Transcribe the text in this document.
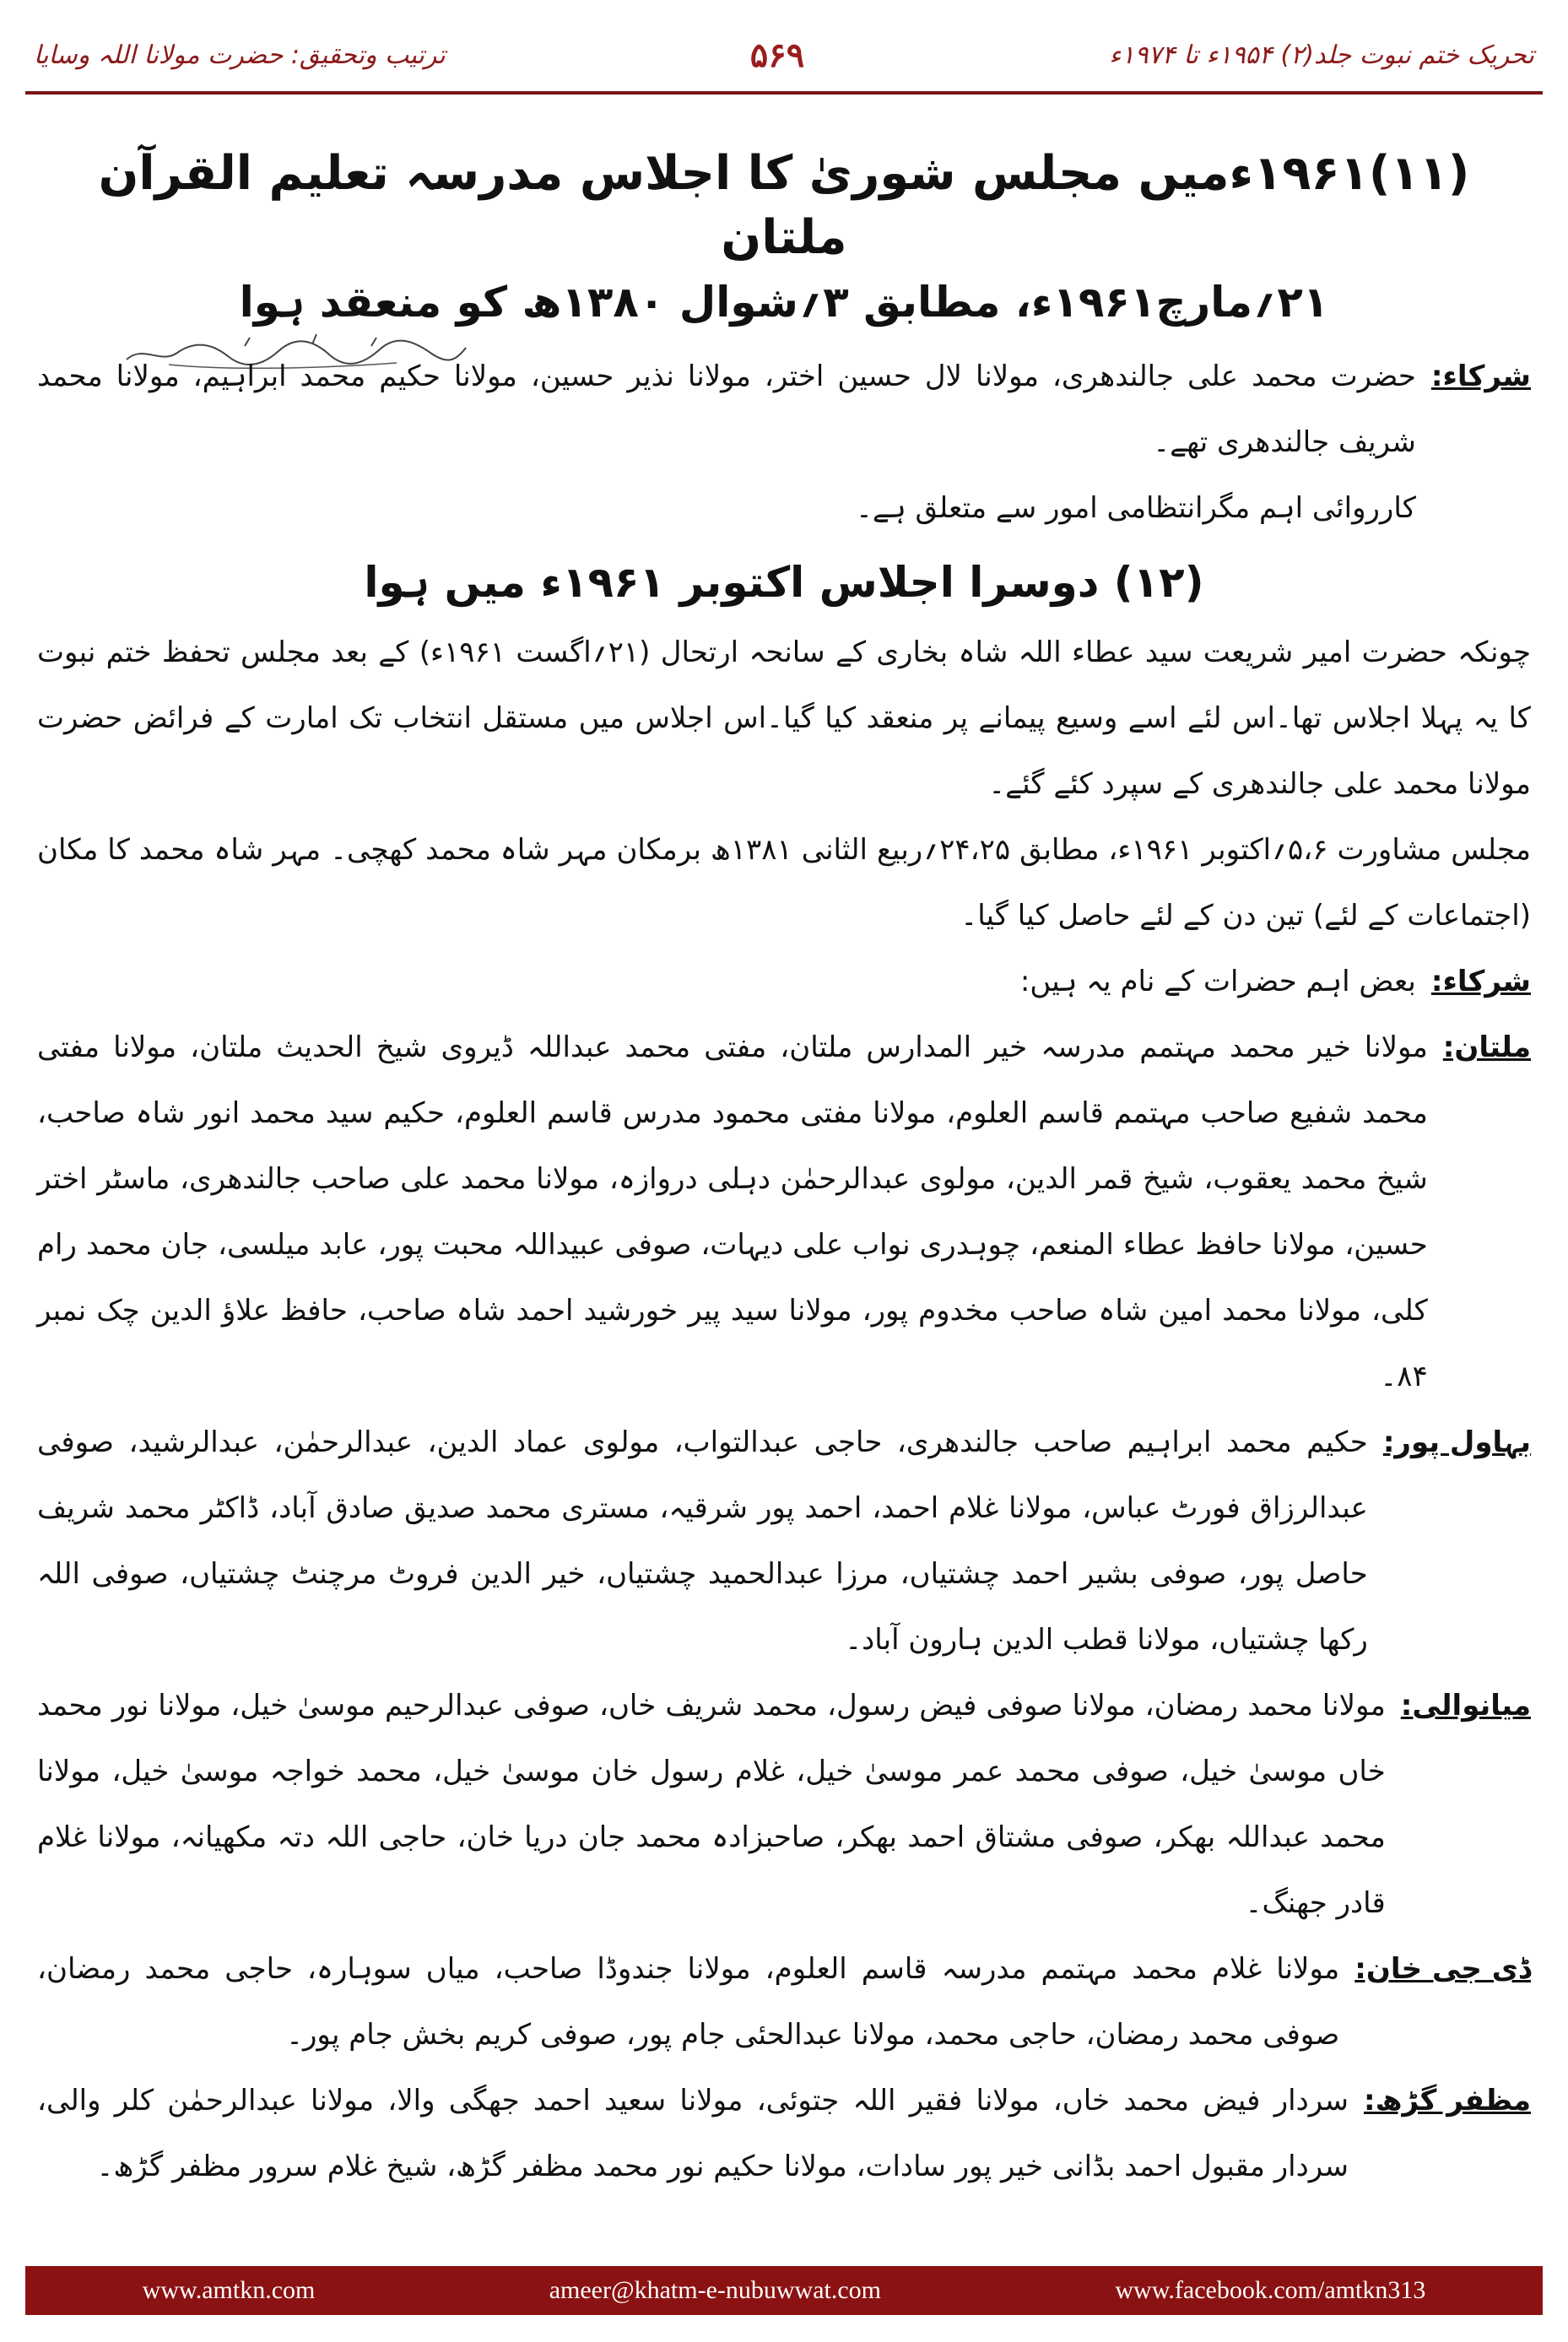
تحریک ختم نبوت جلد(۲) ۱۹۵۴ء تا ۱۹۷۴ء
۵۶۹
ترتیب وتحقیق: حضرت مولانا اللہ وسایا
(۱۱)۱۹۶۱ءمیں مجلس شوریٰ کا اجلاس مدرسہ تعلیم القرآن ملتان
۲۱؍مارچ۱۹۶۱ء، مطابق ۳؍شوال ۱۳۸۰ھ کو منعقد ہوا
شرکاء:
حضرت محمد علی جالندھری، مولانا لال حسین اختر، مولانا نذیر حسین، مولانا حکیم محمد ابراہیم، مولانا محمد شریف جالندھری تھے۔
کارروائی اہم مگرانتظامی امور سے متعلق ہے۔
(۱۲) دوسرا اجلاس اکتوبر ۱۹۶۱ء میں ہوا

چونکہ حضرت امیر شریعت سید عطاء اللہ شاہ بخاری کے سانحہ ارتحال (۲۱؍اگست ۱۹۶۱ء) کے بعد مجلس تحفظ ختم نبوت کا یہ پہلا اجلاس تھا۔اس لئے اسے وسیع پیمانے پر منعقد کیا گیا۔اس اجلاس میں مستقل انتخاب تک امارت کے فرائض حضرت مولانا محمد علی جالندھری کے سپرد کئے گئے۔

مجلس مشاورت ۵،۶؍اکتوبر ۱۹۶۱ء، مطابق ۲۴،۲۵؍ربیع الثانی ۱۳۸۱ھ برمکان مہر شاہ محمد کھچی۔ مہر شاہ محمد کا مکان (اجتماعات کے لئے) تین دن کے لئے حاصل کیا گیا۔

شرکاء:
بعض اہم حضرات کے نام یہ ہیں:
ملتان:
مولانا خیر محمد مہتمم مدرسہ خیر المدارس ملتان، مفتی محمد عبداللہ ڈیروی شیخ الحدیث ملتان، مولانا مفتی محمد شفیع صاحب مہتمم قاسم العلوم، مولانا مفتی محمود مدرس قاسم العلوم، حکیم سید محمد انور شاہ صاحب، شیخ محمد یعقوب، شیخ قمر الدین، مولوی عبدالرحمٰن دہلی دروازہ، مولانا محمد علی صاحب جالندھری، ماسٹر اختر حسین، مولانا حافظ عطاء المنعم، چوہدری نواب علی دیہات، صوفی عبیداللہ محبت پور، عابد میلسی، جان محمد رام کلی، مولانا محمد امین شاہ صاحب مخدوم پور، مولانا سید پیر خورشید احمد شاہ صاحب، حافظ علاؤ الدین چک نمبر ۸۴۔
بہاول پور:
حکیم محمد ابراہیم صاحب جالندھری، حاجی عبدالتواب، مولوی عماد الدین، عبدالرحمٰن، عبدالرشید، صوفی عبدالرزاق فورٹ عباس، مولانا غلام احمد، احمد پور شرقیہ، مستری محمد صدیق صادق آباد، ڈاکٹر محمد شریف حاصل پور، صوفی بشیر احمد چشتیاں، مرزا عبدالحمید چشتیاں، خیر الدین فروٹ مرچنٹ چشتیاں، صوفی اللہ رکھا چشتیاں، مولانا قطب الدین ہارون آباد۔
میانوالی:
مولانا محمد رمضان، مولانا صوفی فیض رسول، محمد شریف خاں، صوفی عبدالرحیم موسیٰ خیل، مولانا نور محمد خاں موسیٰ خیل، صوفی محمد عمر موسیٰ خیل، غلام رسول خان موسیٰ خیل، محمد خواجہ موسیٰ خیل، مولانا محمد عبداللہ بھکر، صوفی مشتاق احمد بھکر، صاحبزادہ محمد جان دریا خان، حاجی اللہ دتہ مکھیانہ، مولانا غلام قادر جھنگ۔
ڈی جی خان:
مولانا غلام محمد مہتمم مدرسہ قاسم العلوم، مولانا جندوڈا صاحب، میاں سوہارہ، حاجی محمد رمضان، صوفی محمد رمضان، حاجی محمد، مولانا عبدالحئی جام پور، صوفی کریم بخش جام پور۔
مظفر گڑھ:
سردار فیض محمد خاں، مولانا فقیر اللہ جتوئی، مولانا سعید احمد جھگی والا، مولانا عبدالرحمٰن کلر والی، سردار مقبول احمد بڈانی خیر پور سادات، مولانا حکیم نور محمد مظفر گڑھ، شیخ غلام سرور مظفر گڑھ۔
www.amtkn.com	ameer@khatm-e-nubuwwat.com	www.facebook.com/amtkn313
